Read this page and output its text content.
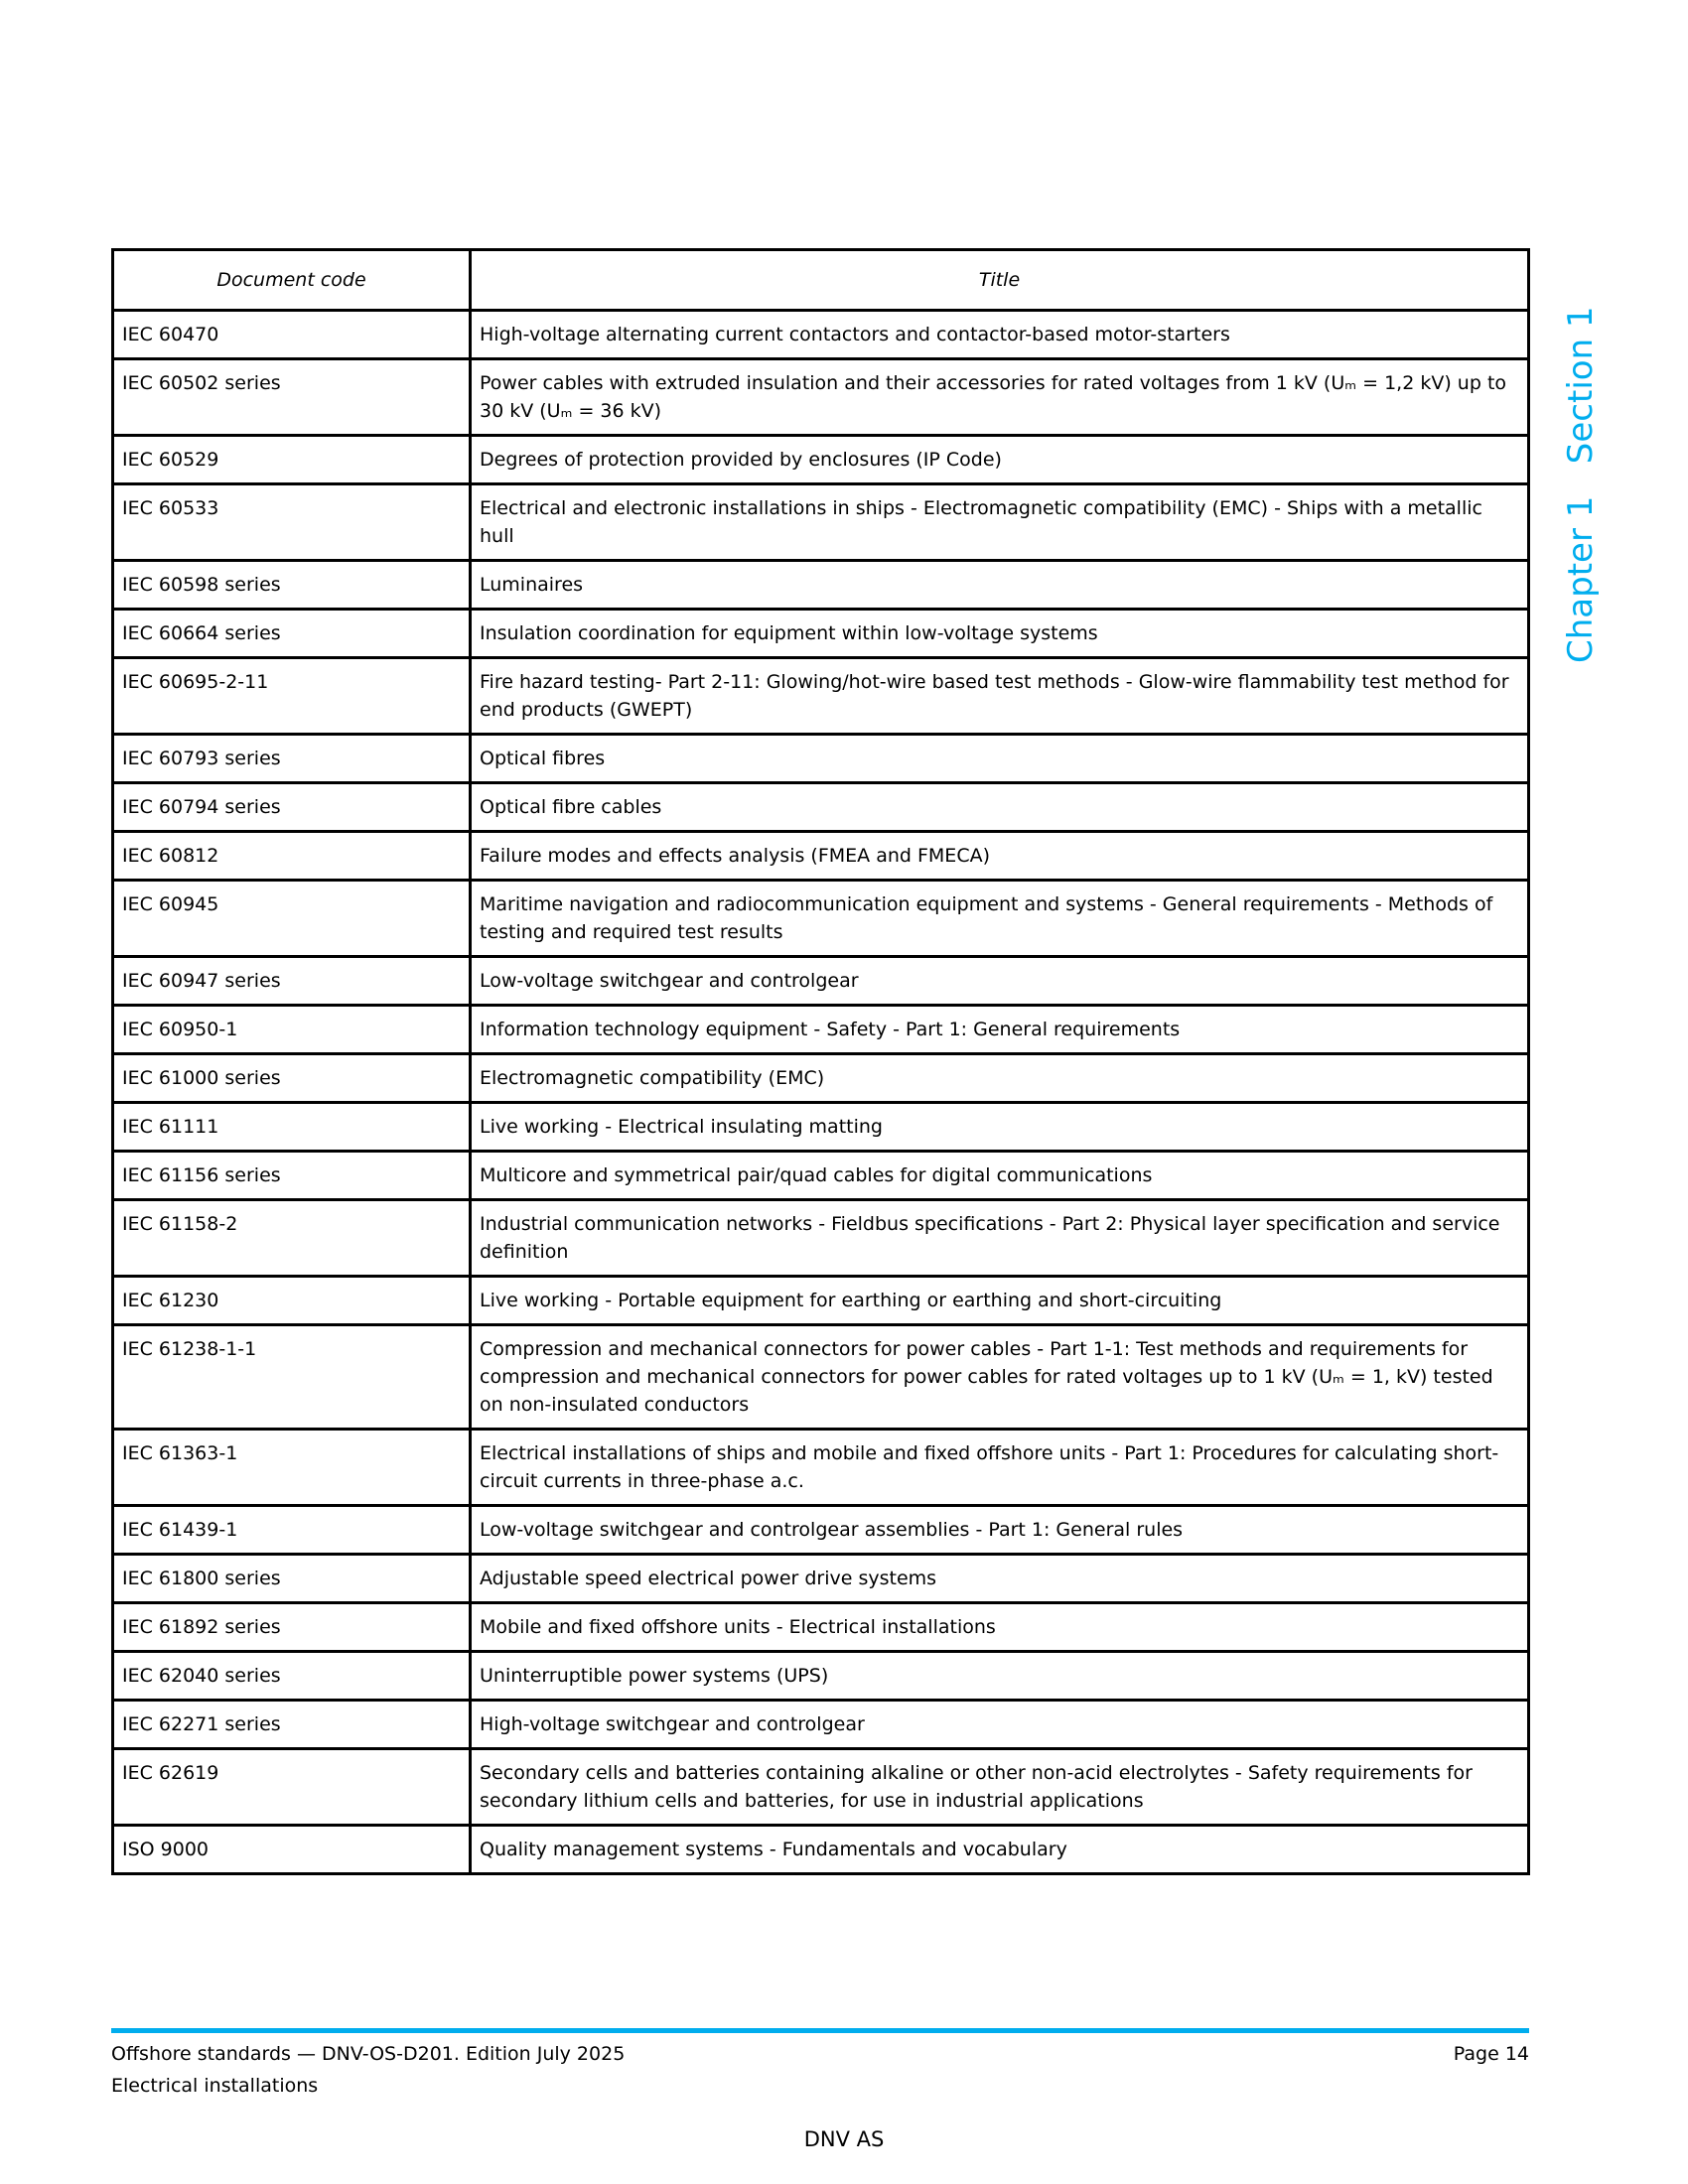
Document code	Title
IEC 60470	High-voltage alternating current contactors and contactor-based motor-starters
IEC 60502 series	Power cables with extruded insulation and their accessories for rated voltages from 1 kV (Uₘ = 1,2 kV) up to 30 kV (Uₘ = 36 kV)
IEC 60529	Degrees of protection provided by enclosures (IP Code)
IEC 60533	Electrical and electronic installations in ships - Electromagnetic compatibility (EMC) - Ships with a metallic hull
IEC 60598 series	Luminaires
IEC 60664 series	Insulation coordination for equipment within low-voltage systems
IEC 60695-2-11	Fire hazard testing- Part 2-11: Glowing/hot-wire based test methods - Glow-wire flammability test method for end products (GWEPT)
IEC 60793 series	Optical fibres
IEC 60794 series	Optical fibre cables
IEC 60812	Failure modes and effects analysis (FMEA and FMECA)
IEC 60945	Maritime navigation and radiocommunication equipment and systems - General requirements - Methods of testing and required test results
IEC 60947 series	Low-voltage switchgear and controlgear
IEC 60950-1	Information technology equipment - Safety - Part 1: General requirements
IEC 61000 series	Electromagnetic compatibility (EMC)
IEC 61111	Live working - Electrical insulating matting
IEC 61156 series	Multicore and symmetrical pair/quad cables for digital communications
IEC 61158-2	Industrial communication networks - Fieldbus specifications - Part 2: Physical layer specification and service definition
IEC 61230	Live working - Portable equipment for earthing or earthing and short-circuiting
IEC 61238-1-1	Compression and mechanical connectors for power cables - Part 1-1: Test methods and requirements for compression and mechanical connectors for power cables for rated voltages up to 1 kV (Uₘ = 1, kV) tested on non-insulated conductors
IEC 61363-1	Electrical installations of ships and mobile and fixed offshore units - Part 1: Procedures for calculating short-circuit currents in three-phase a.c.
IEC 61439-1	Low-voltage switchgear and controlgear assemblies - Part 1: General rules
IEC 61800 series	Adjustable speed electrical power drive systems
IEC 61892 series	Mobile and fixed offshore units - Electrical installations
IEC 62040 series	Uninterruptible power systems (UPS)
IEC 62271 series	High-voltage switchgear and controlgear
IEC 62619	Secondary cells and batteries containing alkaline or other non-acid electrolytes - Safety requirements for secondary lithium cells and batteries, for use in industrial applications
ISO 9000	Quality management systems - Fundamentals and vocabulary
Chapter 1   Section 1
Offshore standards — DNV-OS-D201. Edition July 2025	Page 14
Electrical installations
DNV AS
